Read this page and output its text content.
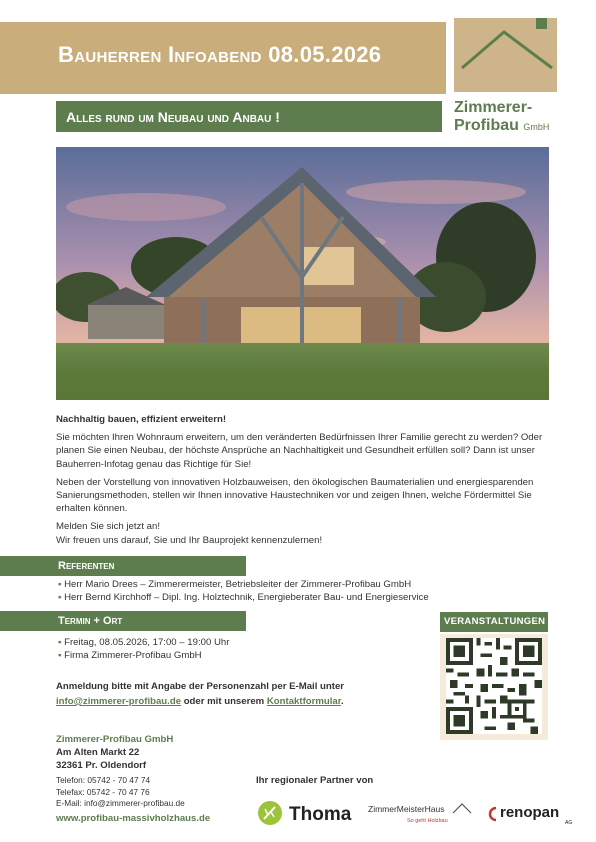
Bauherren Infoabend 08.05.2026
Zimmerer-
Profibau GmbH
Alles rund um Neubau und Anbau !

Nachhaltig bauen, effizient erweitern!

Sie möchten Ihren Wohnraum erweitern, um den veränderten Bedürfnissen Ihrer Familie gerecht zu werden? Oder planen Sie einen Neubau, der höchste Ansprüche an Nachhaltigkeit und Gesundheit erfüllen soll? Dann ist unser Bauherren-Infotag genau das Richtige für Sie!

Neben der Vorstellung von innovativen Holzbauweisen, den ökologischen Baumaterialien und energiesparenden Sanierungsmethoden, stellen wir Ihnen innovative Haustechniken vor und zeigen Ihnen, welche Fördermittel Sie erhalten können.

Melden Sie sich jetzt an!
Wir freuen uns darauf, Sie und Ihr Bauprojekt kennenzulernen!

Referenten
▪ Herr Mario Drees – Zimmerermeister, Betriebsleiter der Zimmerer-Profibau GmbH
▪ Herr Bernd Kirchhoff – Dipl. Ing. Holztechnik, Energieberater Bau- und Energieservice
Termin + Ort
▪ Freitag, 08.05.2026, 17:00 – 19:00 Uhr
▪ Firma Zimmerer-Profibau GmbH
VERANSTALTUNGEN
Anmeldung bitte mit Angabe der Personenzahl per E-Mail unter
info@zimmerer-profibau.de oder mit unserem Kontaktformular.
Zimmerer-Profibau GmbH
Am Alten Markt 22
32361 Pr. Oldendorf
Telefon: 05742 - 70 47 74
Telefax: 05742 - 70 47 76
E-Mail: info@zimmerer-profibau.de
www.profibau-massivholzhaus.de
Ihr regionaler Partner von
Thoma ZimmerMeisterHaus
So geht Holzbau	renopan
AG
